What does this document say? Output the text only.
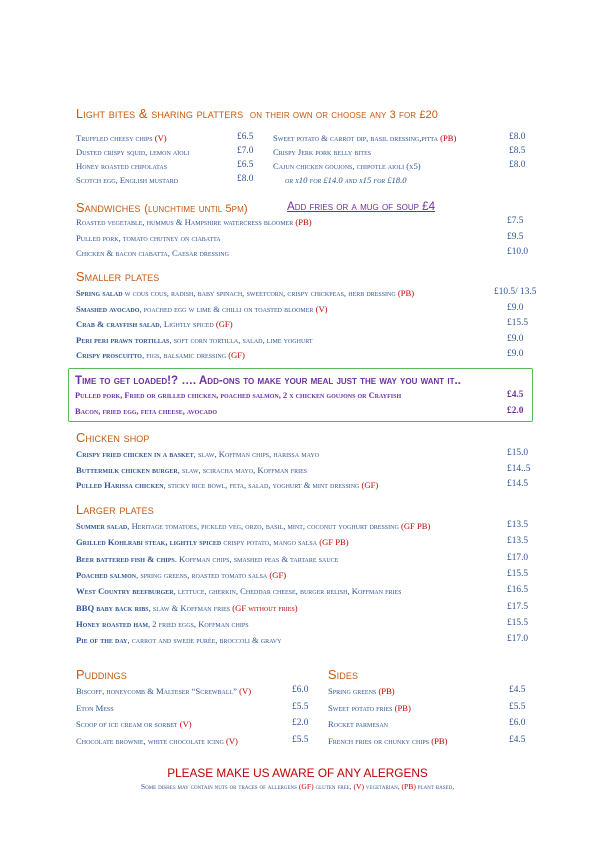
Light bites & sharing platters on their own or choose any 3 for £20
Truffled cheesy chips (V)	£6.5
Dusted crispy squid, lemon aïoli	£7.0
Honey roasted chipolatas	£6.5
Scotch egg, English mustard	£8.0
Sweet potato & carrot dip, basil dressing,pitta (PB)	£8.0
Crispy Jerk pork belly bites	£8.5
Cajun chicken goujons, chipotle aioli (x5)	£8.0
or x10 for £14.0 and x15 for £18.0
Sandwiches (lunchtime until 5pm)	Add fries or a mug of soup £4
Roasted vegetable, hummus & Hampshire watercress bloomer (PB)	£7.5
Pulled pork, tomato chutney on ciabatta	£9.5
Chicken & bacon ciabatta, Caesar dressing	£10.0
Smaller plates
Spring salad w cous cous, radish, baby spinach, sweetcorn, crispy chickpeas, herb dressing (PB)	£10.5/ 13.5
Smashed avocado, poached egg w lime & chilli on toasted bloomer (V)	£9.0
Crab & crayfish salad, Lightly spiced (GF)	£15.5
Peri peri prawn tortillas, soft corn tortilla, salad, lime yoghurt	£9.0
Crispy proscuitto, figs, balsamic dressing (GF)	£9.0
Time to get loaded!? …. Add-ons to make your meal just the way you want it..
Pulled pork, Fried or grilled chicken, poached salmon, 2 x chicken goujons or Crayfish	£4.5
Bacon, fried egg, feta cheese, avocado	£2.0
Chicken shop
Crispy fried chicken in a basket, slaw, Koffman chips, harissa mayo	£15.0
Buttermilk chicken burger, slaw, sciracha mayo, Koffman fries	£14..5
Pulled Harissa chicken, sticky rice bowl, feta, salad, yoghurt & mint dressing (GF)	£14.5
Larger plates
Summer salad, Heritage tomatoes, pickled veg, orzo, basil, mint, coconut yoghurt dressing (GF PB)	£13.5
Grilled Kohlrabi steak, lightly spiced crispy potato, mango salsa (GF PB)	£13.5
Beer battered fish & chips. Koffman chips, smashed peas & tartare sauce	£17.0
Poached salmon, spring greens, roasted tomato salsa (GF)	£15.5
West Country beefburger, lettuce, gherkin, Cheddar cheese, burger relish, Koffman fries	£16.5
BBQ baby back ribs, slaw & Koffman fries (GF without fries)	£17.5
Honey roasted ham, 2 fried eggs, Koffman chips	£15.5
Pie of the day, carrot and swede purée, broccoli & gravy	£17.0
Puddings
Biscoff, honeycomb & Malteser “Screwball” (V)	£6.0
Eton Mess	£5.5
Scoop of ice cream or sorbet (V)	£2.0
Chocolate brownie, white chocolate icing (V)	£5.5
Sides
Spring greens (PB)	£4.5
Sweet potato fries (PB)	£5.5
Rocket parmesan	£6.0
French fries or chunky chips (PB)	£4.5
PLEASE MAKE US AWARE OF ANY ALERGENS
Some dishes may contain nuts or traces of allergens (GF) gluten free, (V) vegetarian, (PB) plant based,
